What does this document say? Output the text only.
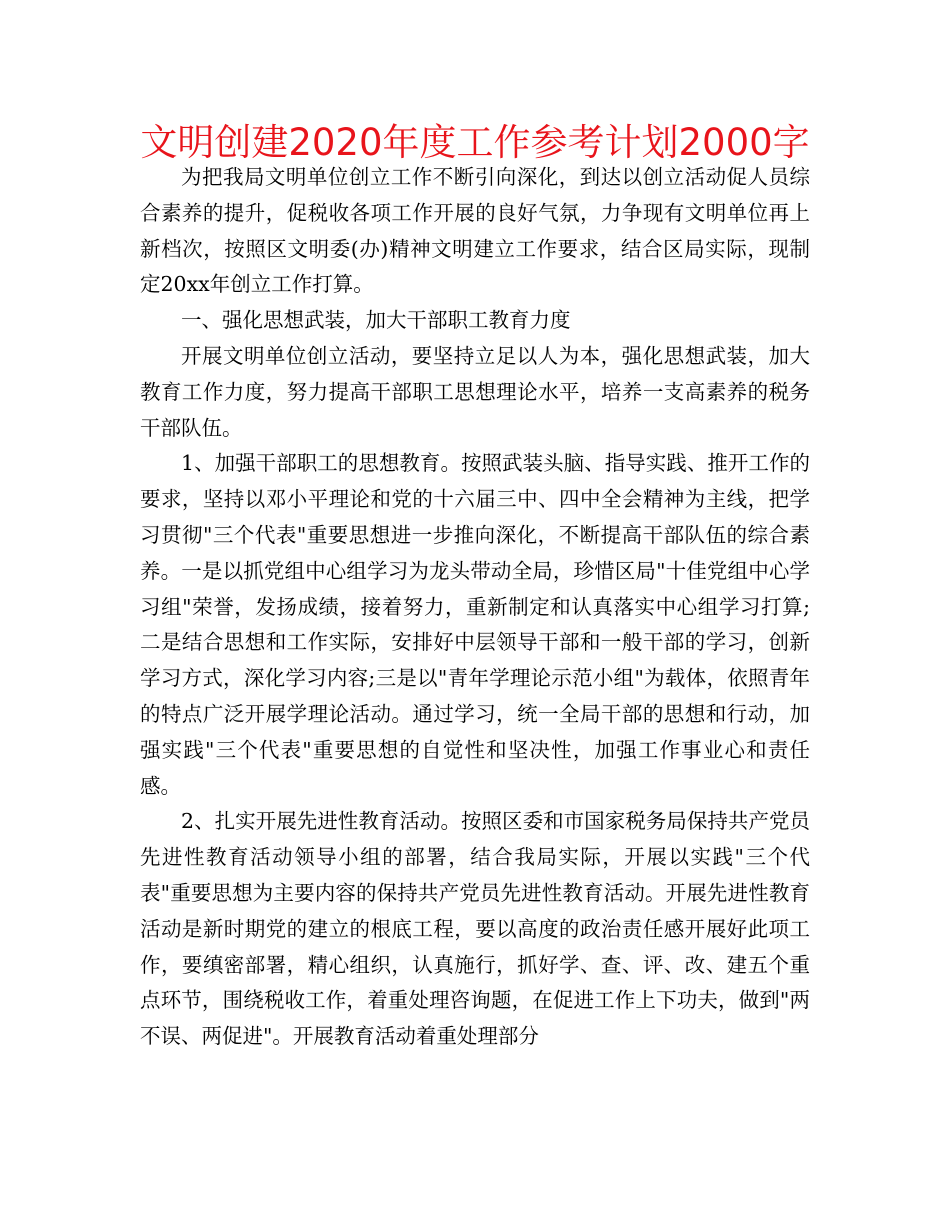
文明创建2020年度工作参考计划2000字

为把我局文明单位创立工作不断引向深化，到达以创立活动促人员综合素养的提升，促税收各项工作开展的良好气氛，力争现有文明单位再上新档次，按照区文明委(办)精神文明建立工作要求，结合区局实际，现制定20xx年创立工作打算。

一、强化思想武装，加大干部职工教育力度

开展文明单位创立活动，要坚持立足以人为本，强化思想武装，加大教育工作力度，努力提高干部职工思想理论水平，培养一支高素养的税务干部队伍。

1、加强干部职工的思想教育。按照武装头脑、指导实践、推开工作的要求，坚持以邓小平理论和党的十六届三中、四中全会精神为主线，把学习贯彻"三个代表"重要思想进一步推向深化，不断提高干部队伍的综合素养。一是以抓党组中心组学习为龙头带动全局，珍惜区局"十佳党组中心学习组"荣誉，发扬成绩，接着努力，重新制定和认真落实中心组学习打算;二是结合思想和工作实际，安排好中层领导干部和一般干部的学习，创新学习方式，深化学习内容;三是以"青年学理论示范小组"为载体，依照青年的特点广泛开展学理论活动。通过学习，统一全局干部的思想和行动，加强实践"三个代表"重要思想的自觉性和坚决性，加强工作事业心和责任感。

2、扎实开展先进性教育活动。按照区委和市国家税务局保持共产党员先进性教育活动领导小组的部署，结合我局实际，开展以实践"三个代表"重要思想为主要内容的保持共产党员先进性教育活动。开展先进性教育活动是新时期党的建立的根底工程，要以高度的政治责任感开展好此项工作，要缜密部署，精心组织，认真施行，抓好学、查、评、改、建五个重点环节，围绕税收工作，着重处理咨询题，在促进工作上下功夫，做到"两不误、两促进"。开展教育活动着重处理部分
